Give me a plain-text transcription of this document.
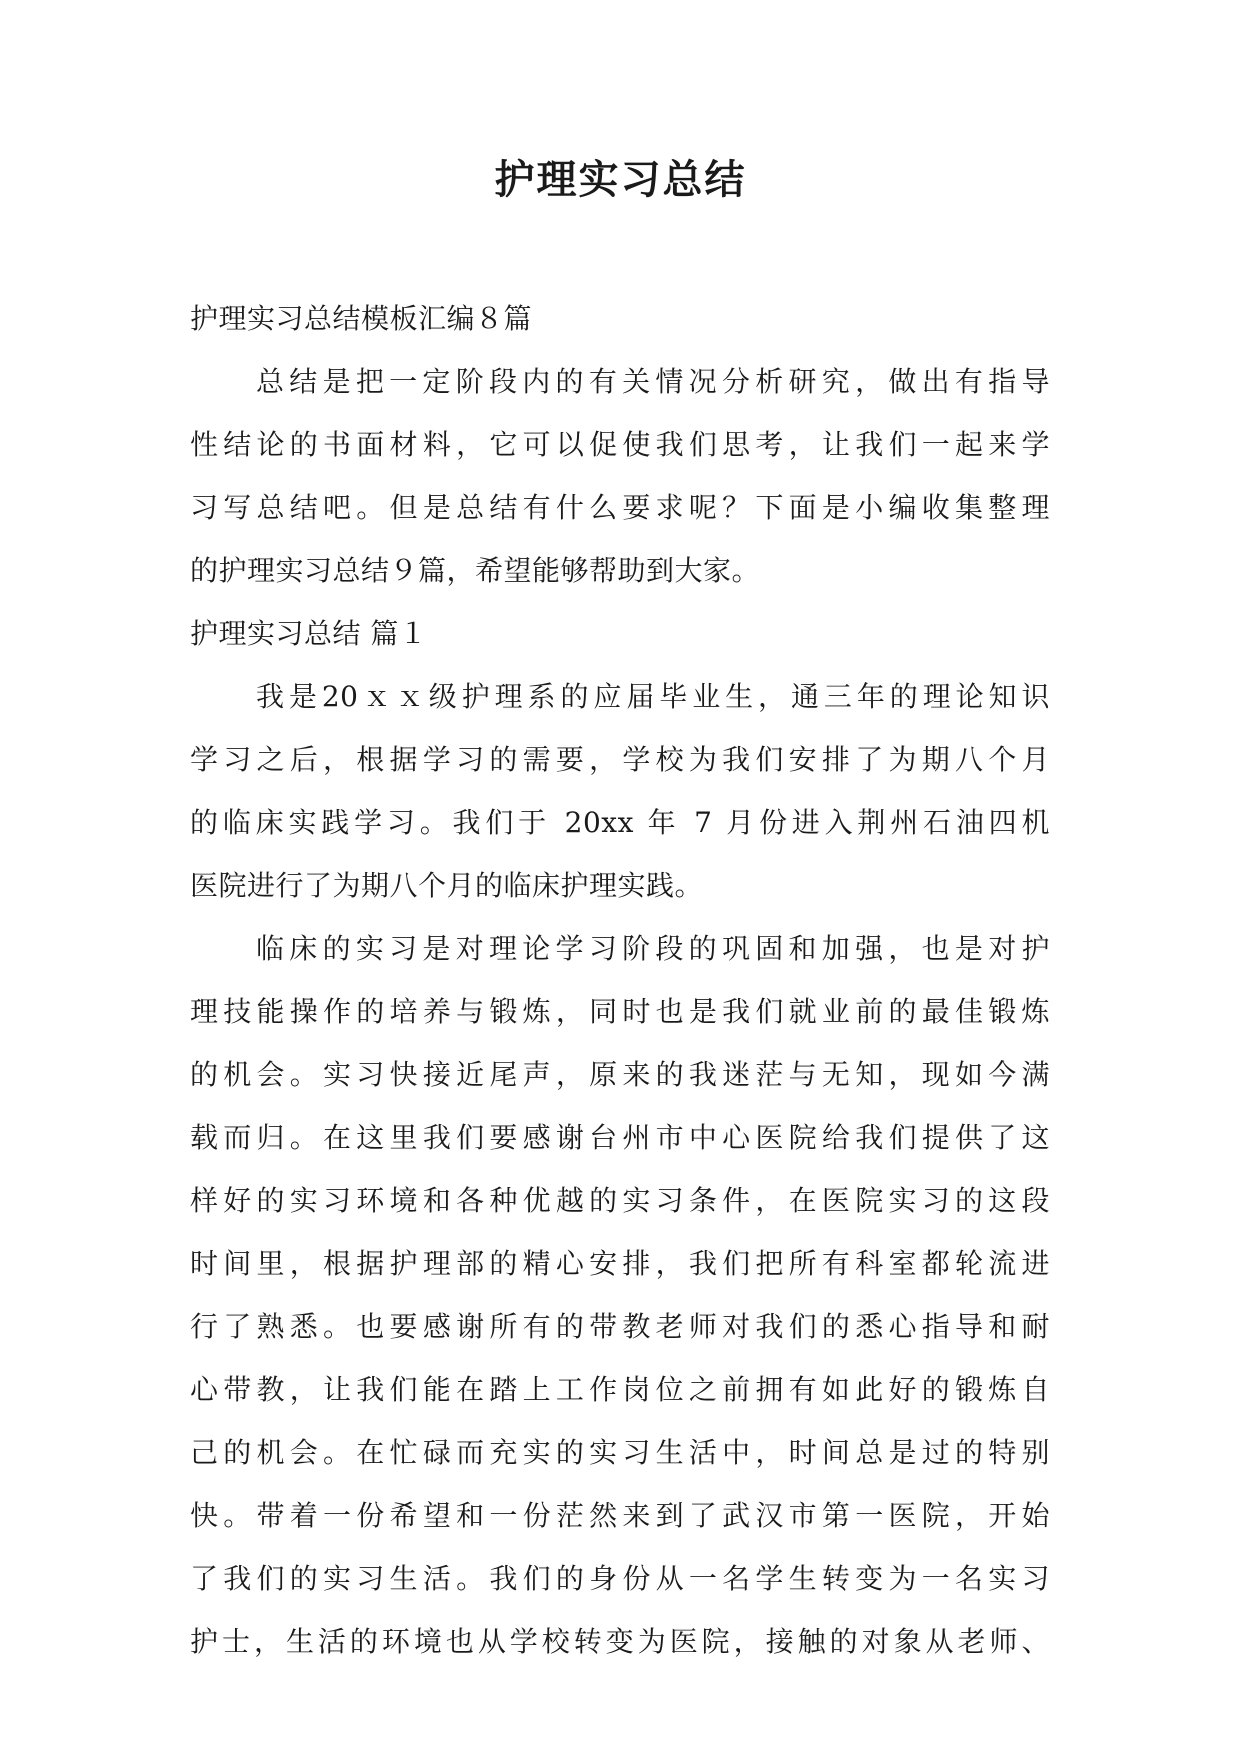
护理实习总结
护理实习总结模板汇编８篇
总结是把一定阶段内的有关情况分析研究，做出有指导
性结论的书面材料，它可以促使我们思考，让我们一起来学
习写总结吧。但是总结有什么要求呢？下面是小编收集整理
的护理实习总结９篇，希望能够帮助到大家。
护理实习总结 篇１
我是20ｘｘ级护理系的应届毕业生，通三年的理论知识
学习之后，根据学习的需要，学校为我们安排了为期八个月
的临床实践学习。我们于 20xx 年 7 月份进入荆州石油四机
医院进行了为期八个月的临床护理实践。
临床的实习是对理论学习阶段的巩固和加强，也是对护
理技能操作的培养与锻炼，同时也是我们就业前的最佳锻炼
的机会。实习快接近尾声，原来的我迷茫与无知，现如今满
载而归。在这里我们要感谢台州市中心医院给我们提供了这
样好的实习环境和各种优越的实习条件，在医院实习的这段
时间里，根据护理部的精心安排，我们把所有科室都轮流进
行了熟悉。也要感谢所有的带教老师对我们的悉心指导和耐
心带教，让我们能在踏上工作岗位之前拥有如此好的锻炼自
己的机会。在忙碌而充实的实习生活中，时间总是过的特别
快。带着一份希望和一份茫然来到了武汉市第一医院，开始
了我们的实习生活。我们的身份从一名学生转变为一名实习
护士，生活的环境也从学校转变为医院，接触的对象从老师、
